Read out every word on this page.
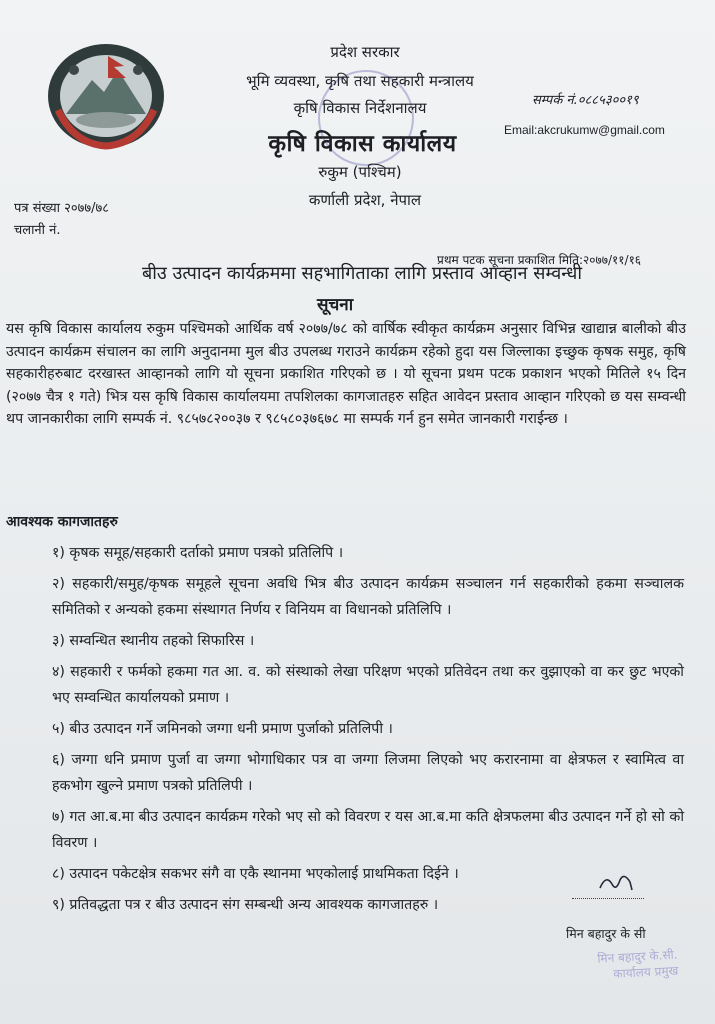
प्रदेश सरकार
भूमि व्यवस्था, कृषि तथा सहकारी मन्त्रालय
कृषि विकास निर्देशनालय
कृषि विकास कार्यालय
रुकुम (पश्चिम)
कर्णाली प्रदेश, नेपाल
सम्पर्क नं.०८८५३००१९
Email:akcrukumw@gmail.com
पत्र संख्या २०७७/७८
चलानी नं.
प्रथम पटक सूचना प्रकाशित मिति:२०७७/११/१६
बीउ उत्पादन कार्यक्रममा सहभागिताका लागि प्रस्ताव आव्हान सम्वन्धी
सूचना
यस कृषि विकास कार्यालय रुकुम पश्चिमको आर्थिक वर्ष २०७७/७८ को वार्षिक स्वीकृत कार्यक्रम अनुसार विभिन्न खाद्यान्न बालीको बीउ उत्पादन कार्यक्रम संचालन का लागि अनुदानमा मुल बीउ उपलब्ध गराउने कार्यक्रम रहेको हुदा यस जिल्लाका इच्छुक कृषक समुह, कृषि सहकारीहरुबाट दरखास्त आव्हानको लागि यो सूचना प्रकाशित गरिएको छ । यो सूचना प्रथम पटक प्रकाशन भएको मितिले १५ दिन (२०७७ चैत्र १ गते) भित्र यस कृषि विकास कार्यालयमा तपशिलका कागजातहरु सहित आवेदन प्रस्ताव आव्हान गरिएको छ यस सम्वन्धी थप जानकारीका लागि सम्पर्क नं. ९८५७८२००३७ र ९८५८०३७६७८ मा सम्पर्क गर्न हुन समेत जानकारी गराईन्छ ।
आवश्यक कागजातहरु
१) कृषक समूह/सहकारी दर्ताको प्रमाण पत्रको प्रतिलिपि ।
२) सहकारी/समुह/कृषक समूहले सूचना अवधि भित्र बीउ उत्पादन कार्यक्रम सञ्चालन गर्न सहकारीको हकमा सञ्चालक समितिको र अन्यको हकमा संस्थागत निर्णय र विनियम वा विधानको प्रतिलिपि ।
३) सम्वन्धित स्थानीय तहको सिफारिस ।
४) सहकारी र फर्मको हकमा गत आ. व. को संस्थाको लेखा परिक्षण भएको प्रतिवेदन तथा कर वुझाएको वा कर छुट भएको भए सम्वन्धित कार्यालयको प्रमाण ।
५) बीउ उत्पादन गर्ने जमिनको जग्गा धनी प्रमाण पुर्जाको प्रतिलिपी ।
६) जग्गा धनि प्रमाण पुर्जा वा जग्गा भोगाधिकार पत्र वा जग्गा लिजमा लिएको भए करारनामा वा क्षेत्रफल र स्वामित्व वा हकभोग खुल्ने प्रमाण पत्रको प्रतिलिपी ।
७) गत आ.ब.मा बीउ उत्पादन कार्यक्रम गरेको भए सो को विवरण र यस आ.ब.मा कति क्षेत्रफलमा बीउ उत्पादन गर्ने हो सो को विवरण ।
८) उत्पादन पकेटक्षेत्र सकभर संगै वा एकै स्थानमा भएकोलाई प्राथमिकता दिईने ।
९) प्रतिवद्धता पत्र र बीउ उत्पादन संग सम्बन्धी अन्य आवश्यक कागजातहरु ।
मिन बहादुर के सी
मिन बहादुर के.सी. कार्यालय प्रमुख
